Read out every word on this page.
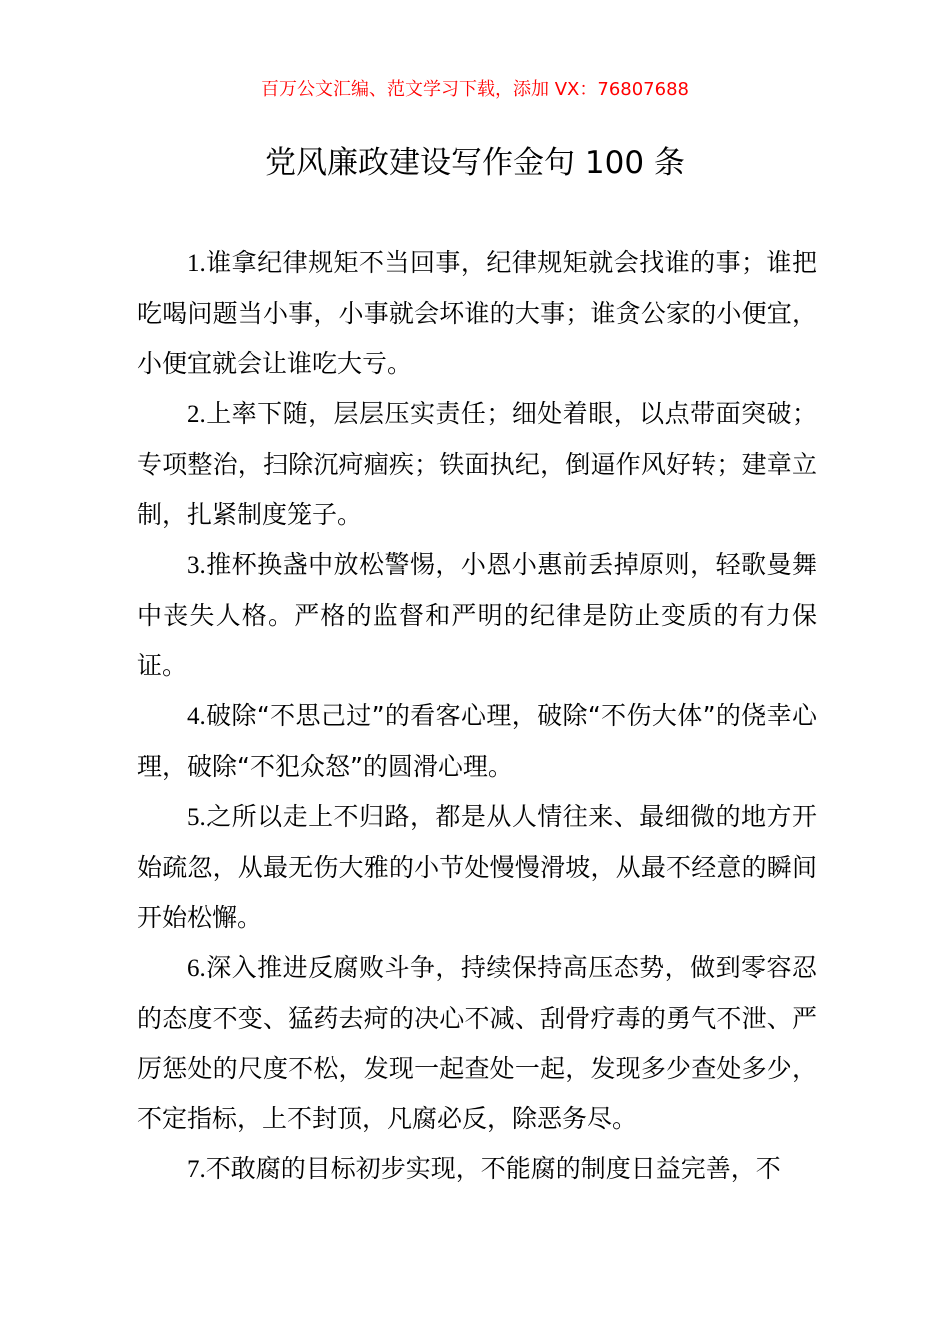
百万公文汇编、范文学习下载，添加 VX：76807688
党风廉政建设写作金句 100 条

1.谁拿纪律规矩不当回事，纪律规矩就会找谁的事；谁把吃喝问题当小事，小事就会坏谁的大事；谁贪公家的小便宜，小便宜就会让谁吃大亏。

2.上率下随，层层压实责任；细处着眼，以点带面突破；专项整治，扫除沉疴痼疾；铁面执纪，倒逼作风好转；建章立制，扎紧制度笼子。

3.推杯换盏中放松警惕，小恩小惠前丢掉原则，轻歌曼舞中丧失人格。严格的监督和严明的纪律是防止变质的有力保证。

4.破除“不思己过”的看客心理，破除“不伤大体”的侥幸心理，破除“不犯众怒”的圆滑心理。

5.之所以走上不归路，都是从人情往来、最细微的地方开始疏忽，从最无伤大雅的小节处慢慢滑坡，从最不经意的瞬间开始松懈。

6.深入推进反腐败斗争，持续保持高压态势，做到零容忍的态度不变、猛药去疴的决心不减、刮骨疗毒的勇气不泄、严厉惩处的尺度不松，发现一起查处一起，发现多少查处多少，不定指标，上不封顶，凡腐必反，除恶务尽。

7.不敢腐的目标初步实现，不能腐的制度日益完善，不
